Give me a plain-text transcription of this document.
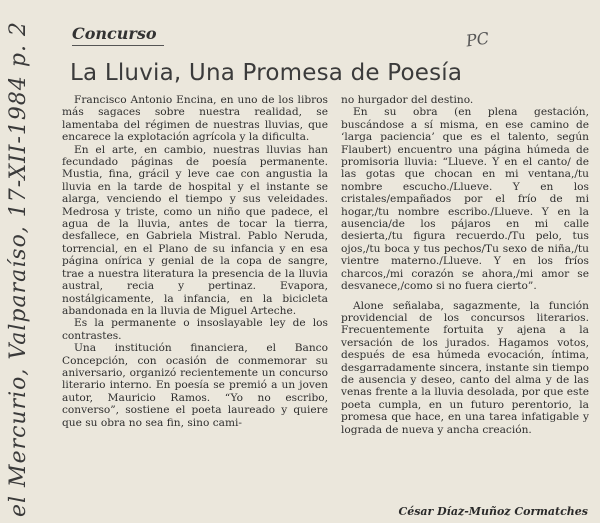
el Mercurio, Valparaíso, 17-XII-1984 p. 2	PC
Concurso
La Lluvia, Una Promesa de Poesía

Francisco Antonio Encina, en uno de los libros más sagaces sobre nuestra realidad, se lamentaba del régimen de nuestras lluvias, que encarece la explotación agrícola y la dificulta.

En el arte, en cambio, nuestras lluvias han fecundado páginas de poesía permanente. Mustia, fina, grácil y leve cae con angustia la lluvia en la tarde de hospital y el instante se alarga, venciendo el tiempo y sus veleidades. Medrosa y triste, como un niño que padece, el agua de la lluvia, antes de tocar la tierra, desfallece, en Gabriela Mistral. Pablo Neruda, torrencial, en el Plano de su infancia y en esa página onírica y genial de la copa de sangre, trae a nuestra literatura la presencia de la lluvia austral, recia y pertinaz. Evapora, nostálgicamente, la infancia, en la bicicleta abandonada en la lluvia de Miguel Arteche.

Es la permanente o insoslayable ley de los contrastes.

Una institución financiera, el Banco Concepción, con ocasión de conmemorar su aniversario, organizó recientemente un concurso literario interno. En poesía se premió a un joven autor, Mauricio Ramos. “Yo no escribo, converso”, sostiene el poeta laureado y quiere que su obra no sea fin, sino cami-

no hurgador del destino.

En su obra (en plena gestación, buscándose a sí misma, en ese camino de ‘larga paciencia’ que es el talento, según Flaubert) encuentro una página húmeda de promisoria lluvia: “Llueve. Y en el canto/ de las gotas que chocan en mi ventana,/tu nombre escucho./Llueve. Y en los cristales/empañados por el frío de mi hogar,/tu nombre escribo./Llueve. Y en la ausencia/de los pájaros en mi calle desierta,/tu figura recuerdo./Tu pelo, tus ojos,/tu boca y tus pechos/Tu sexo de niña,/tu vientre materno./Llueve. Y en los fríos charcos,/mi corazón se ahora,/mi amor se desvanece,/como si no fuera cierto”.

Alone señalaba, sagazmente, la función providencial de los concursos literarios. Frecuentemente fortuita y ajena a la versación de los jurados. Hagamos votos, después de esa húmeda evocación, íntima, desgarradamente sincera, instante sin tiempo de ausencia y deseo, canto del alma y de las venas frente a la lluvia desolada, por que este poeta cumpla, en un futuro perentorio, la promesa que hace, en una tarea infatigable y lograda de nueva y ancha creación.

César Díaz-Muñoz Cormatches
